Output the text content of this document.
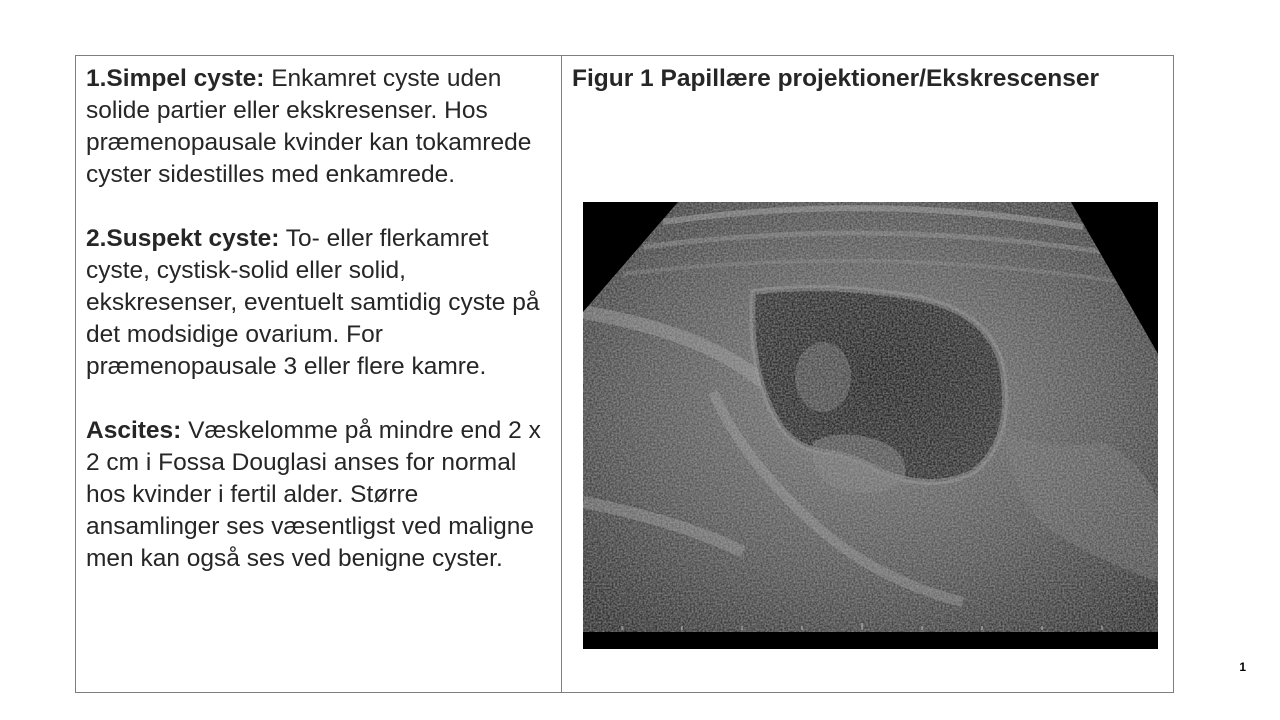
1.Simpel cyste: Enkamret cyste uden solide partier eller ekskresenser. Hos præmenopausale kvinder kan tokamrede cyster sidestilles med enkamrede.

2.Suspekt cyste: To- eller flerkamret cyste, cystisk-solid eller solid, ekskresenser, eventuelt samtidig cyste på det modsidige ovarium. For præmenopausale 3 eller flere kamre.

Ascites: Væskelomme på mindre end 2 x 2 cm i Fossa Douglasi anses for normal hos kvinder i fertil alder. Større ansamlinger ses væsentligst ved maligne men kan også ses ved benigne cyster.

Figur 1 Papillære projektioner/Ekskrescenser

1
